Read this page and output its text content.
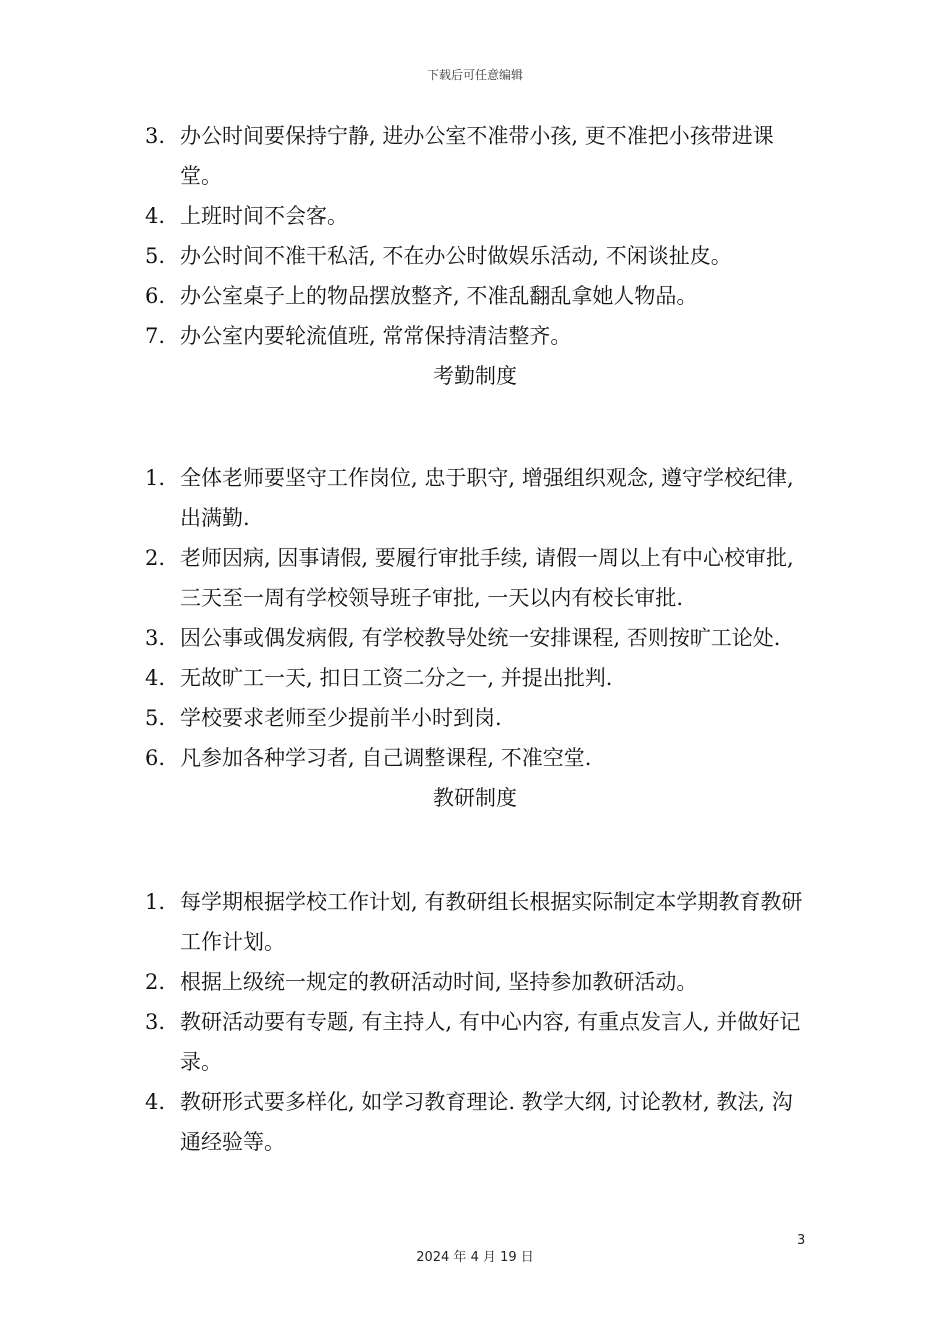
下载后可任意编辑
3. 办公时间要保持宁静, 进办公室不准带小孩, 更不准把小孩带进课堂。
4. 上班时间不会客。
5. 办公时间不准干私活, 不在办公时做娱乐活动, 不闲谈扯皮。
6. 办公室桌子上的物品摆放整齐, 不准乱翻乱拿她人物品。
7. 办公室内要轮流值班, 常常保持清洁整齐。
考勤制度
1. 全体老师要坚守工作岗位, 忠于职守, 增强组织观念, 遵守学校纪律, 出满勤.
2. 老师因病, 因事请假, 要履行审批手续, 请假一周以上有中心校审批, 三天至一周有学校领导班子审批, 一天以内有校长审批.
3. 因公事或偶发病假, 有学校教导处统一安排课程, 否则按旷工论处.
4. 无故旷工一天, 扣日工资二分之一, 并提出批判.
5. 学校要求老师至少提前半小时到岗.
6. 凡参加各种学习者, 自己调整课程, 不准空堂.
教研制度
1. 每学期根据学校工作计划, 有教研组长根据实际制定本学期教育教研工作计划。
2. 根据上级统一规定的教研活动时间, 坚持参加教研活动。
3. 教研活动要有专题, 有主持人, 有中心内容, 有重点发言人, 并做好记录。
4. 教研形式要多样化, 如学习教育理论. 教学大纲, 讨论教材, 教法, 沟通经验等。
3
2024 年 4 月 19 日
